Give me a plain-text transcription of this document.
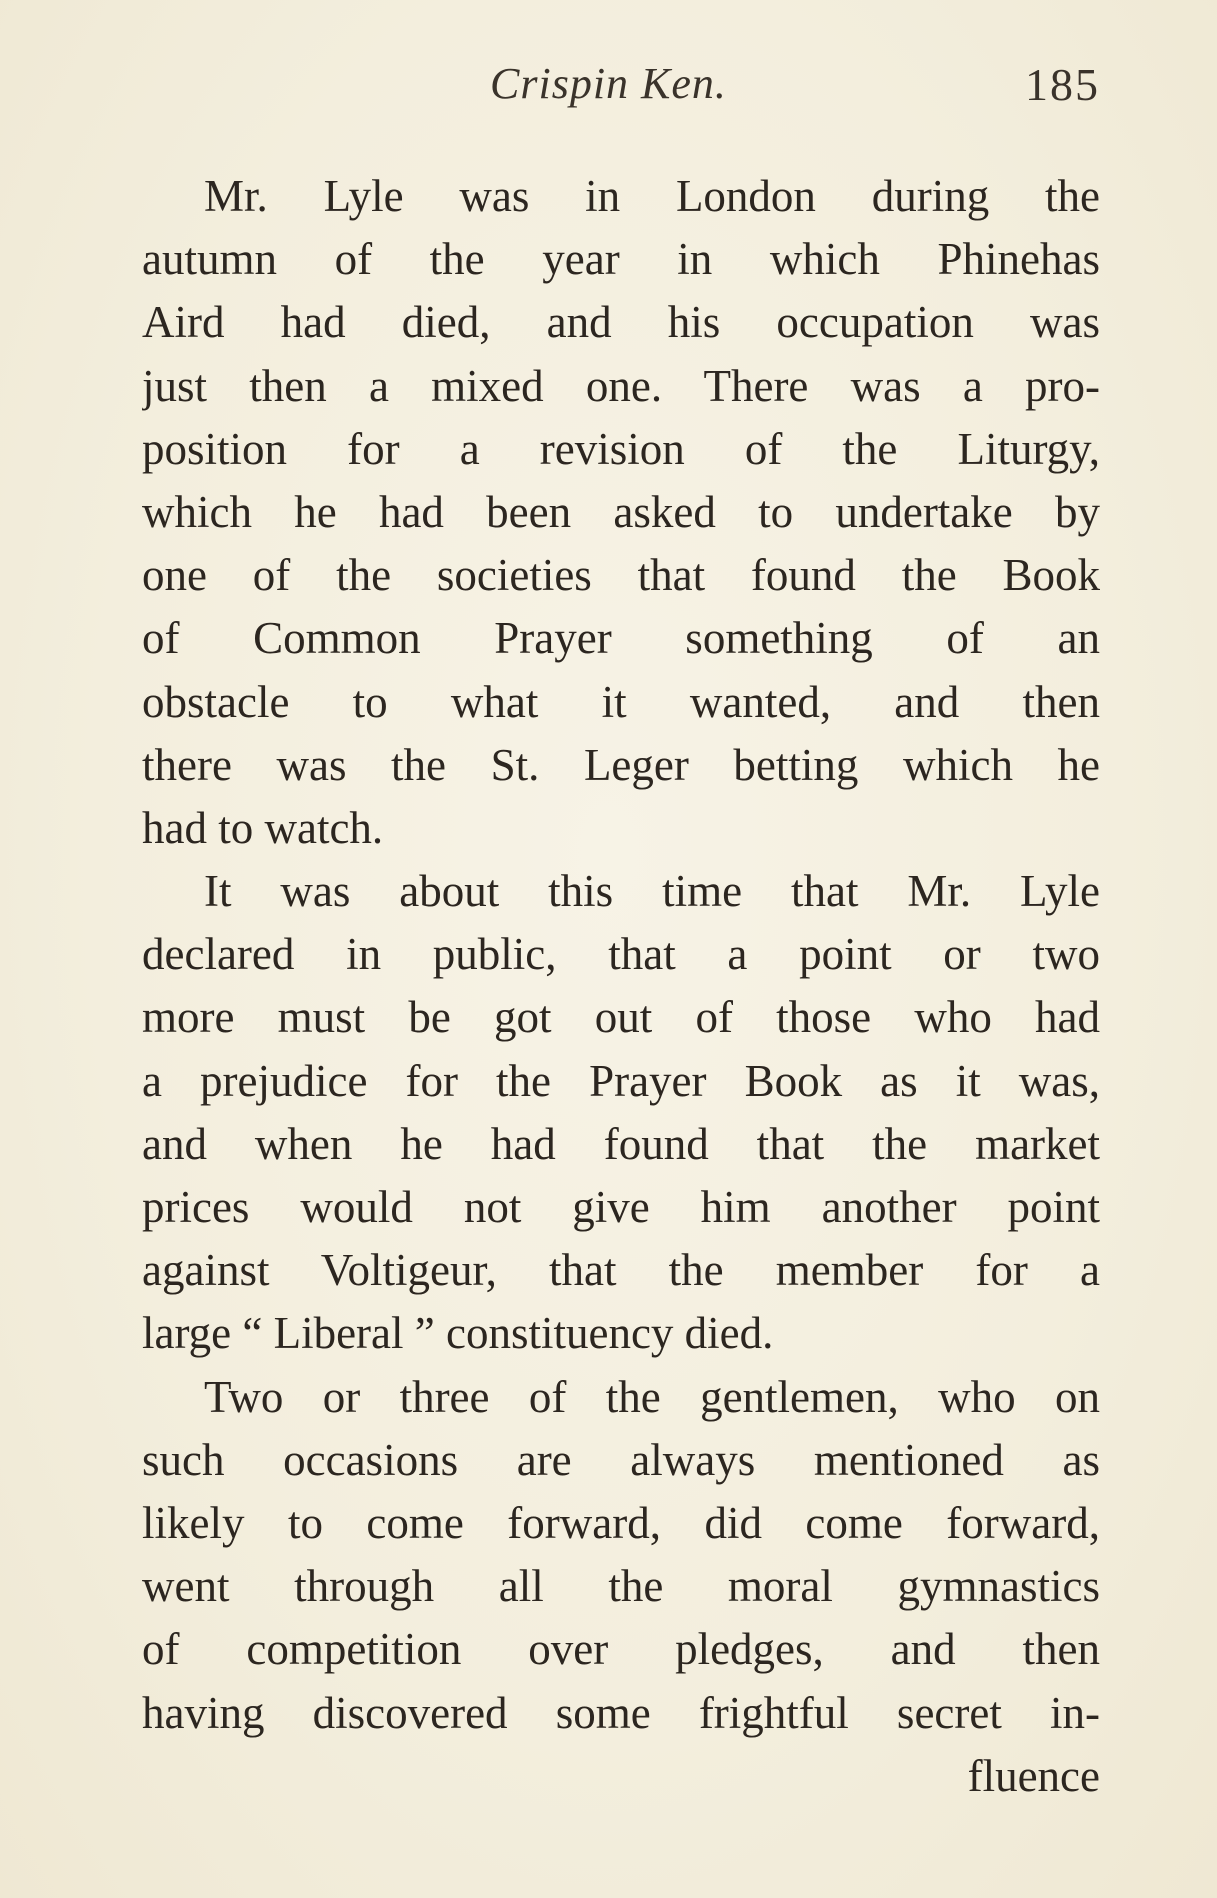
Crispin Ken.	185
Mr. Lyle was in London during the
autumn of the year in which Phinehas
Aird had died, and his occupation was
just then a mixed one. There was a pro-
position for a revision of the Liturgy,
which he had been asked to undertake by
one of the societies that found the Book
of Common Prayer something of an
obstacle to what it wanted, and then
there was the St. Leger betting which he
had to watch.
It was about this time that Mr. Lyle
declared in public, that a point or two
more must be got out of those who had
a prejudice for the Prayer Book as it was,
and when he had found that the market
prices would not give him another point
against Voltigeur, that the member for a
large “ Liberal ” constituency died.
Two or three of the gentlemen, who on
such occasions are always mentioned as
likely to come forward, did come forward,
went through all the moral gymnastics
of competition over pledges, and then
having discovered some frightful secret in-
fluence
